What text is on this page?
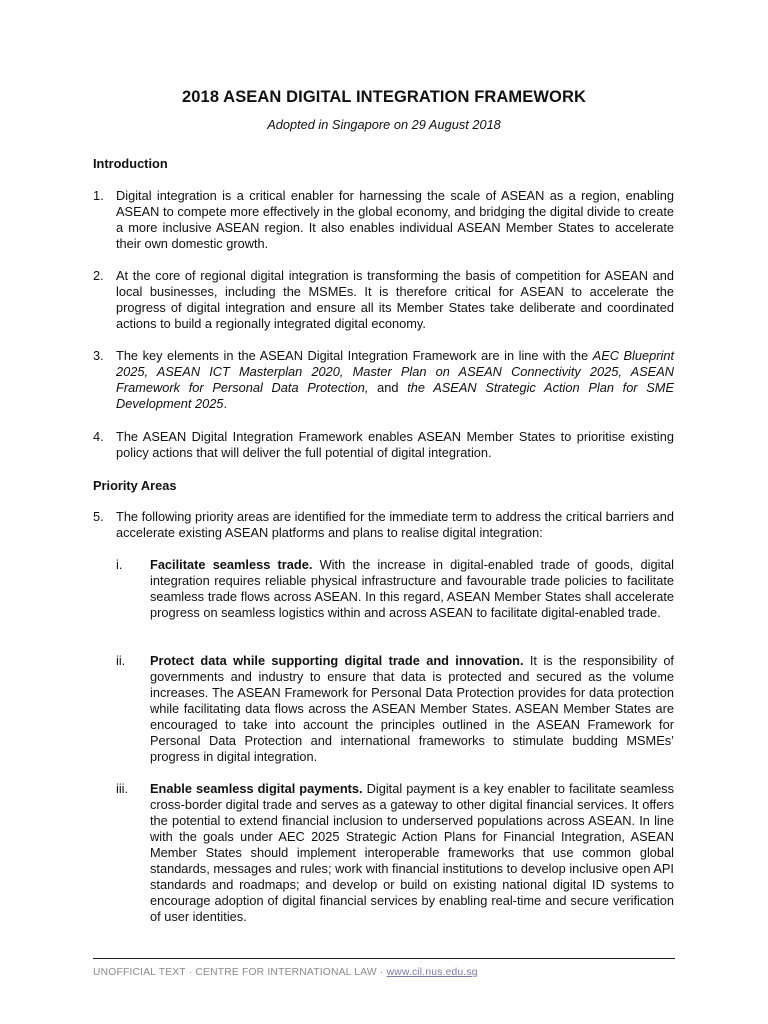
2018 ASEAN DIGITAL INTEGRATION FRAMEWORK
Adopted in Singapore on 29 August 2018
Introduction
1. Digital integration is a critical enabler for harnessing the scale of ASEAN as a region, enabling ASEAN to compete more effectively in the global economy, and bridging the digital divide to create a more inclusive ASEAN region. It also enables individual ASEAN Member States to accelerate their own domestic growth.
2. At the core of regional digital integration is transforming the basis of competition for ASEAN and local businesses, including the MSMEs. It is therefore critical for ASEAN to accelerate the progress of digital integration and ensure all its Member States take deliberate and coordinated actions to build a regionally integrated digital economy.
3. The key elements in the ASEAN Digital Integration Framework are in line with the AEC Blueprint 2025, ASEAN ICT Masterplan 2020, Master Plan on ASEAN Connectivity 2025, ASEAN Framework for Personal Data Protection, and the ASEAN Strategic Action Plan for SME Development 2025.
4. The ASEAN Digital Integration Framework enables ASEAN Member States to prioritise existing policy actions that will deliver the full potential of digital integration.
Priority Areas
5. The following priority areas are identified for the immediate term to address the critical barriers and accelerate existing ASEAN platforms and plans to realise digital integration:
i. Facilitate seamless trade. With the increase in digital-enabled trade of goods, digital integration requires reliable physical infrastructure and favourable trade policies to facilitate seamless trade flows across ASEAN. In this regard, ASEAN Member States shall accelerate progress on seamless logistics within and across ASEAN to facilitate digital-enabled trade.
ii. Protect data while supporting digital trade and innovation. It is the responsibility of governments and industry to ensure that data is protected and secured as the volume increases. The ASEAN Framework for Personal Data Protection provides for data protection while facilitating data flows across the ASEAN Member States. ASEAN Member States are encouraged to take into account the principles outlined in the ASEAN Framework for Personal Data Protection and international frameworks to stimulate budding MSMEs’ progress in digital integration.
iii. Enable seamless digital payments. Digital payment is a key enabler to facilitate seamless cross-border digital trade and serves as a gateway to other digital financial services. It offers the potential to extend financial inclusion to underserved populations across ASEAN. In line with the goals under AEC 2025 Strategic Action Plans for Financial Integration, ASEAN Member States should implement interoperable frameworks that use common global standards, messages and rules; work with financial institutions to develop inclusive open API standards and roadmaps; and develop or build on existing national digital ID systems to encourage adoption of digital financial services by enabling real-time and secure verification of user identities.
UNOFFICIAL TEXT · CENTRE FOR INTERNATIONAL LAW · www.cil.nus.edu.sg
